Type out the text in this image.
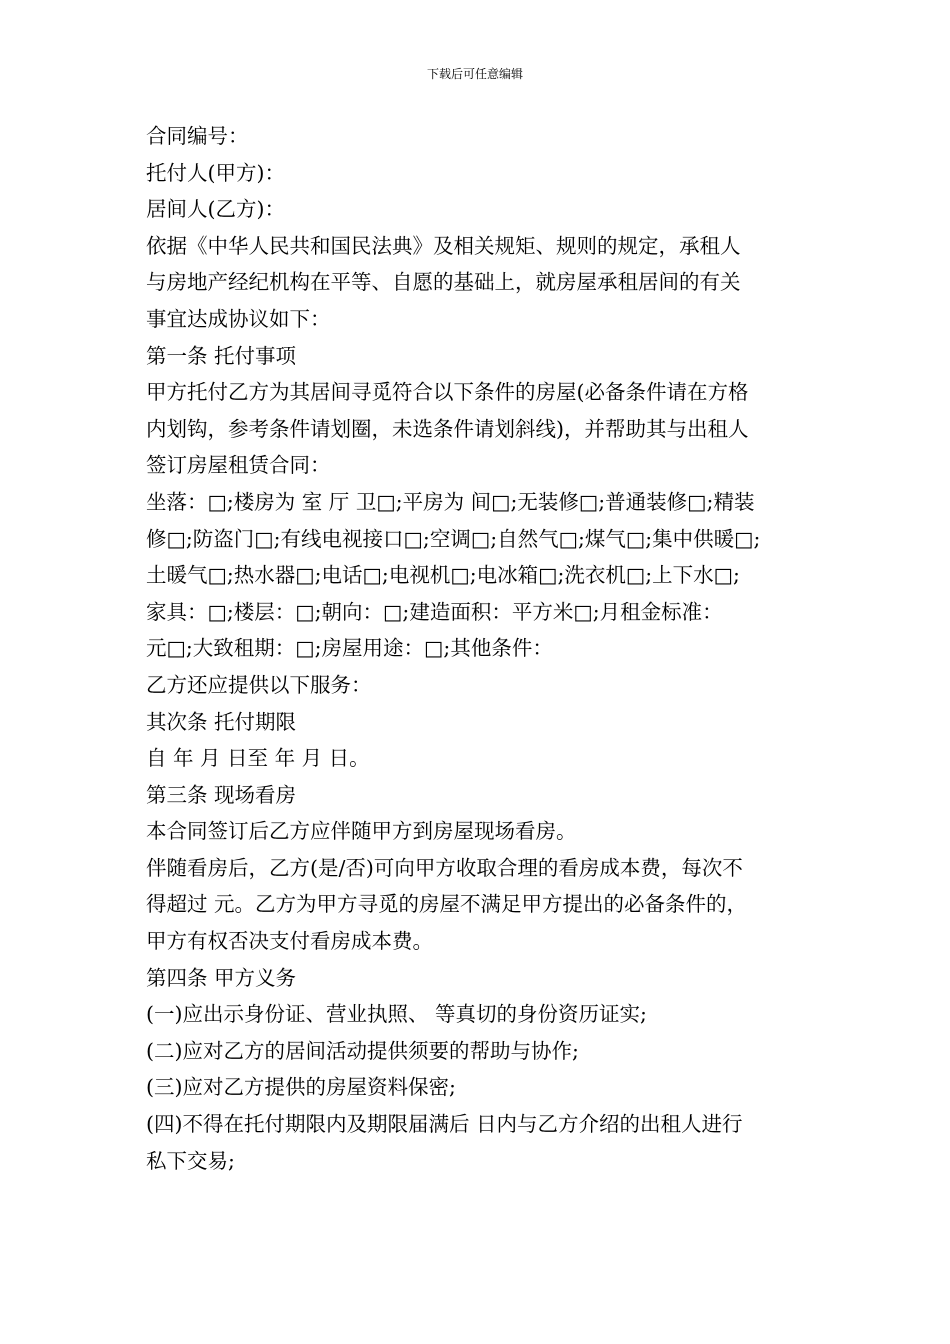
下载后可任意编辑
合同编号：
托付人(甲方)：
居间人(乙方)：
依据《中华人民共和国民法典》及相关规矩、规则的规定，承租人
与房地产经纪机构在平等、自愿的基础上，就房屋承租居间的有关
事宜达成协议如下：
第一条 托付事项
甲方托付乙方为其居间寻觅符合以下条件的房屋(必备条件请在方格
内划钩，参考条件请划圈，未选条件请划斜线)，并帮助其与出租人
签订房屋租赁合同：
坐落：□;楼房为 室 厅 卫□;平房为 间□;无装修□;普通装修□;精装
修□;防盗门□;有线电视接口□;空调□;自然气□;煤气□;集中供暖□;
土暖气□;热水器□;电话□;电视机□;电冰箱□;洗衣机□;上下水□;
家具：□;楼层：□;朝向：□;建造面积：平方米□;月租金标准：
元□;大致租期：□;房屋用途：□;其他条件：
乙方还应提供以下服务：
其次条 托付期限
自 年 月 日至 年 月 日。
第三条 现场看房
本合同签订后乙方应伴随甲方到房屋现场看房。
伴随看房后，乙方(是/否)可向甲方收取合理的看房成本费，每次不
得超过 元。乙方为甲方寻觅的房屋不满足甲方提出的必备条件的，
甲方有权否决支付看房成本费。
第四条 甲方义务
(一)应出示身份证、营业执照、 等真切的身份资历证实;
(二)应对乙方的居间活动提供须要的帮助与协作;
(三)应对乙方提供的房屋资料保密;
(四)不得在托付期限内及期限届满后 日内与乙方介绍的出租人进行
私下交易;
